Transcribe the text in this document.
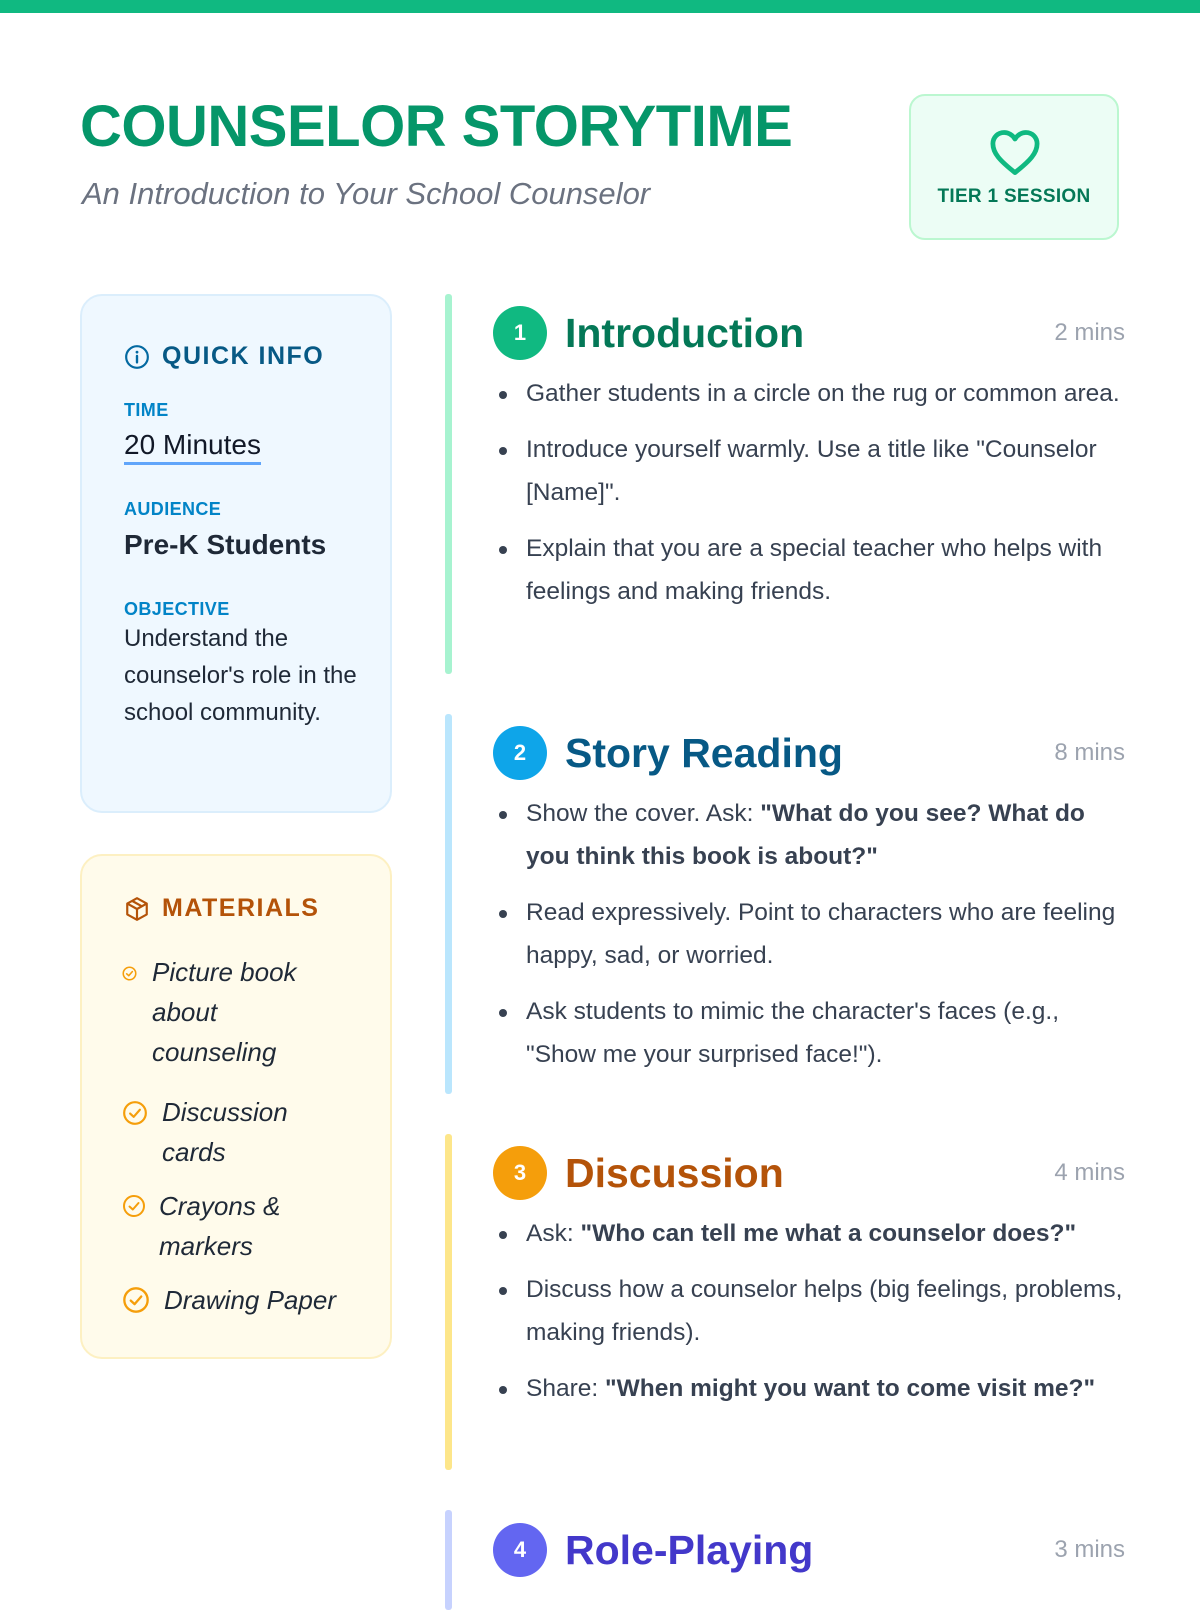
COUNSELOR STORYTIME

An Introduction to Your School Counselor	TIER 1 SESSION
QUICK INFO
TIME
20 Minutes
AUDIENCE
Pre-K Students
OBJECTIVE
Understand the counselor's role in the school community.
MATERIALS
Picture book about counseling
Discussion cards
Crayons & markers
Drawing Paper
1 Introduction	2 mins
Gather students in a circle on the rug or common area.
Introduce yourself warmly. Use a title like "Counselor [Name]".
Explain that you are a special teacher who helps with feelings and making friends.
2 Story Reading	8 mins
Show the cover. Ask: "What do you see? What do you think this book is about?"
Read expressively. Point to characters who are feeling happy, sad, or worried.
Ask students to mimic the character's faces (e.g., "Show me your surprised face!").
3 Discussion	4 mins
Ask: "Who can tell me what a counselor does?"
Discuss how a counselor helps (big feelings, problems, making friends).
Share: "When might you want to come visit me?"
4 Role-Playing	3 mins
